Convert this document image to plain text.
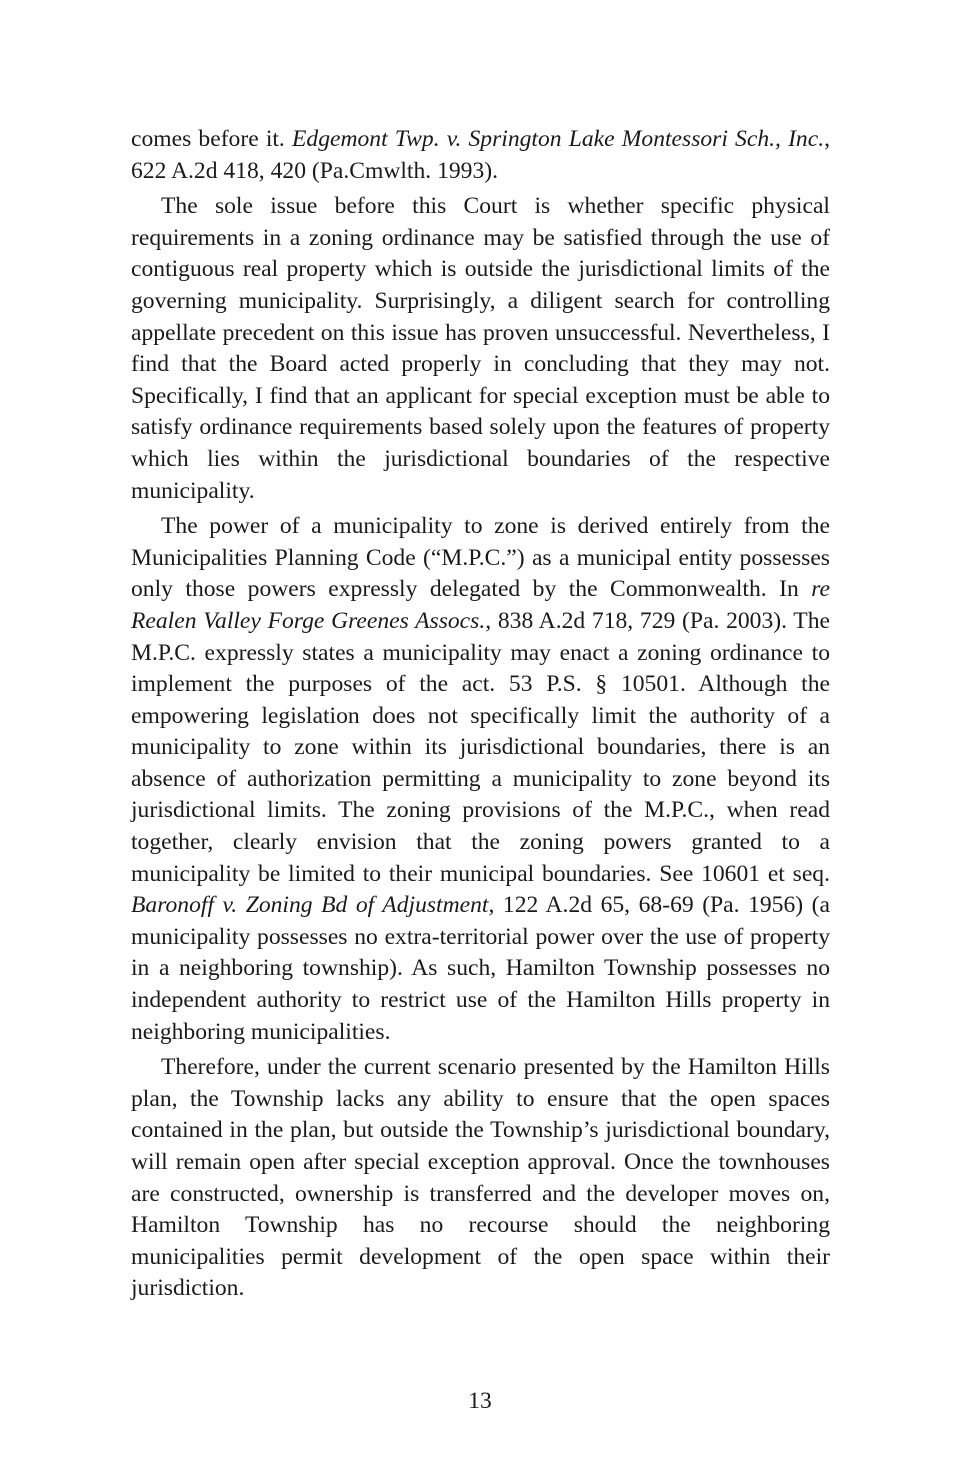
comes before it. Edgemont Twp. v. Springton Lake Montessori Sch., Inc., 622 A.2d 418, 420 (Pa.Cmwlth. 1993).

The sole issue before this Court is whether specific physical requirements in a zoning ordinance may be satisfied through the use of contiguous real property which is outside the jurisdictional limits of the governing municipality. Surprisingly, a diligent search for controlling appellate precedent on this issue has proven unsuccessful. Nevertheless, I find that the Board acted properly in concluding that they may not. Specifically, I find that an applicant for special exception must be able to satisfy ordinance requirements based solely upon the features of property which lies within the jurisdictional boundaries of the respective municipality.

The power of a municipality to zone is derived entirely from the Municipalities Planning Code (“M.P.C.”) as a municipal entity possesses only those powers expressly delegated by the Commonwealth. In re Realen Valley Forge Greenes Assocs., 838 A.2d 718, 729 (Pa. 2003). The M.P.C. expressly states a municipality may enact a zoning ordinance to implement the purposes of the act. 53 P.S. § 10501. Although the empowering legislation does not specifically limit the authority of a municipality to zone within its jurisdictional boundaries, there is an absence of authorization permitting a municipality to zone beyond its jurisdictional limits. The zoning provisions of the M.P.C., when read together, clearly envision that the zoning powers granted to a municipality be limited to their municipal boundaries. See 10601 et seq. Baronoff v. Zoning Bd of Adjustment, 122 A.2d 65, 68-69 (Pa. 1956) (a municipality possesses no extra-territorial power over the use of property in a neighboring township). As such, Hamilton Township possesses no independent authority to restrict use of the Hamilton Hills property in neighboring municipalities.

Therefore, under the current scenario presented by the Hamilton Hills plan, the Township lacks any ability to ensure that the open spaces contained in the plan, but outside the Township’s jurisdictional boundary, will remain open after special exception approval. Once the townhouses are constructed, ownership is transferred and the developer moves on, Hamilton Township has no recourse should the neighboring municipalities permit development of the open space within their jurisdiction.

13
